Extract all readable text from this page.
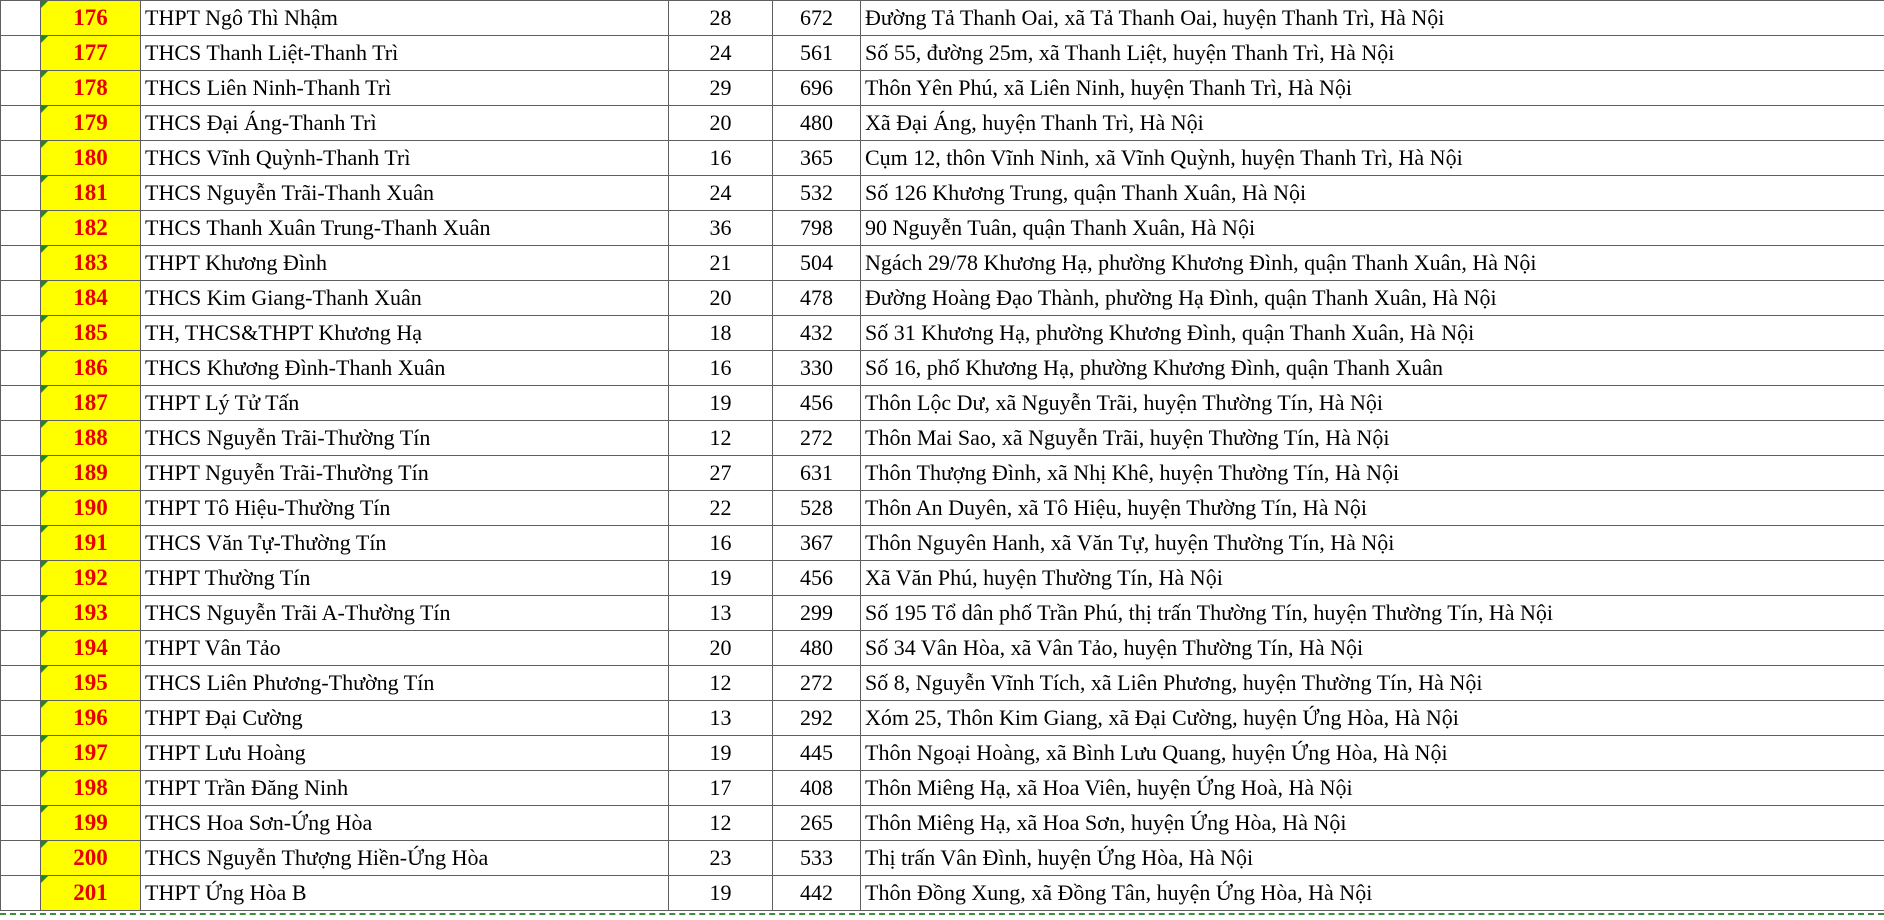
	176	THPT Ngô Thì Nhậm	28	672	Đường Tả Thanh Oai, xã Tả Thanh Oai, huyện Thanh Trì, Hà Nội
	177	THCS Thanh Liệt-Thanh Trì	24	561	Số 55, đường 25m, xã Thanh Liệt, huyện Thanh Trì, Hà Nội
	178	THCS Liên Ninh-Thanh Trì	29	696	Thôn Yên Phú, xã Liên Ninh, huyện Thanh Trì, Hà Nội
	179	THCS Đại Áng-Thanh Trì	20	480	Xã Đại Áng, huyện Thanh Trì, Hà Nội
	180	THCS Vĩnh Quỳnh-Thanh Trì	16	365	Cụm 12, thôn Vĩnh Ninh, xã Vĩnh Quỳnh, huyện Thanh Trì, Hà Nội
	181	THCS Nguyễn Trãi-Thanh Xuân	24	532	Số 126 Khương Trung, quận Thanh Xuân, Hà Nội
	182	THCS Thanh Xuân Trung-Thanh Xuân	36	798	90 Nguyễn Tuân, quận Thanh Xuân, Hà Nội
	183	THPT Khương Đình	21	504	Ngách 29/78 Khương Hạ, phường Khương Đình, quận Thanh Xuân, Hà Nội
	184	THCS Kim Giang-Thanh Xuân	20	478	Đường Hoàng Đạo Thành, phường Hạ Đình, quận Thanh Xuân, Hà Nội
	185	TH, THCS&THPT Khương Hạ	18	432	Số 31 Khương Hạ, phường Khương Đình, quận Thanh Xuân, Hà Nội
	186	THCS Khương Đình-Thanh Xuân	16	330	Số 16, phố Khương Hạ, phường Khương Đình, quận Thanh Xuân
	187	THPT Lý Tử Tấn	19	456	Thôn Lộc Dư, xã Nguyễn Trãi, huyện Thường Tín, Hà Nội
	188	THCS Nguyễn Trãi-Thường Tín	12	272	Thôn Mai Sao, xã Nguyễn Trãi, huyện Thường Tín, Hà Nội
	189	THPT Nguyễn Trãi-Thường Tín	27	631	Thôn Thượng Đình, xã Nhị Khê, huyện Thường Tín, Hà Nội
	190	THPT Tô Hiệu-Thường Tín	22	528	Thôn An Duyên, xã Tô Hiệu, huyện Thường Tín, Hà Nội
	191	THCS Văn Tự-Thường Tín	16	367	Thôn Nguyên Hanh, xã Văn Tự, huyện Thường Tín, Hà Nội
	192	THPT Thường Tín	19	456	Xã Văn Phú, huyện Thường Tín, Hà Nội
	193	THCS Nguyễn Trãi A-Thường Tín	13	299	Số 195 Tổ dân phố Trần Phú, thị trấn Thường Tín, huyện Thường Tín, Hà Nội
	194	THPT Vân Tảo	20	480	Số 34 Vân Hòa, xã Vân Tảo, huyện Thường Tín, Hà Nội
	195	THCS Liên Phương-Thường Tín	12	272	Số 8, Nguyễn Vĩnh Tích, xã Liên Phương, huyện Thường Tín, Hà Nội
	196	THPT Đại Cường	13	292	Xóm 25, Thôn Kim Giang, xã Đại Cường, huyện Ứng Hòa, Hà Nội
	197	THPT Lưu Hoàng	19	445	Thôn Ngoại Hoàng, xã Bình Lưu Quang, huyện Ứng Hòa, Hà Nội
	198	THPT Trần Đăng Ninh	17	408	Thôn Miêng Hạ, xã Hoa Viên, huyện Ứng Hoà, Hà Nội
	199	THCS Hoa Sơn-Ứng Hòa	12	265	Thôn Miêng Hạ, xã Hoa Sơn, huyện Ứng Hòa, Hà Nội
	200	THCS Nguyễn Thượng Hiền-Ứng Hòa	23	533	Thị trấn Vân Đình, huyện Ứng Hòa, Hà Nội
	201	THPT Ứng Hòa B	19	442	Thôn Đồng Xung, xã Đồng Tân, huyện Ứng Hòa, Hà Nội
